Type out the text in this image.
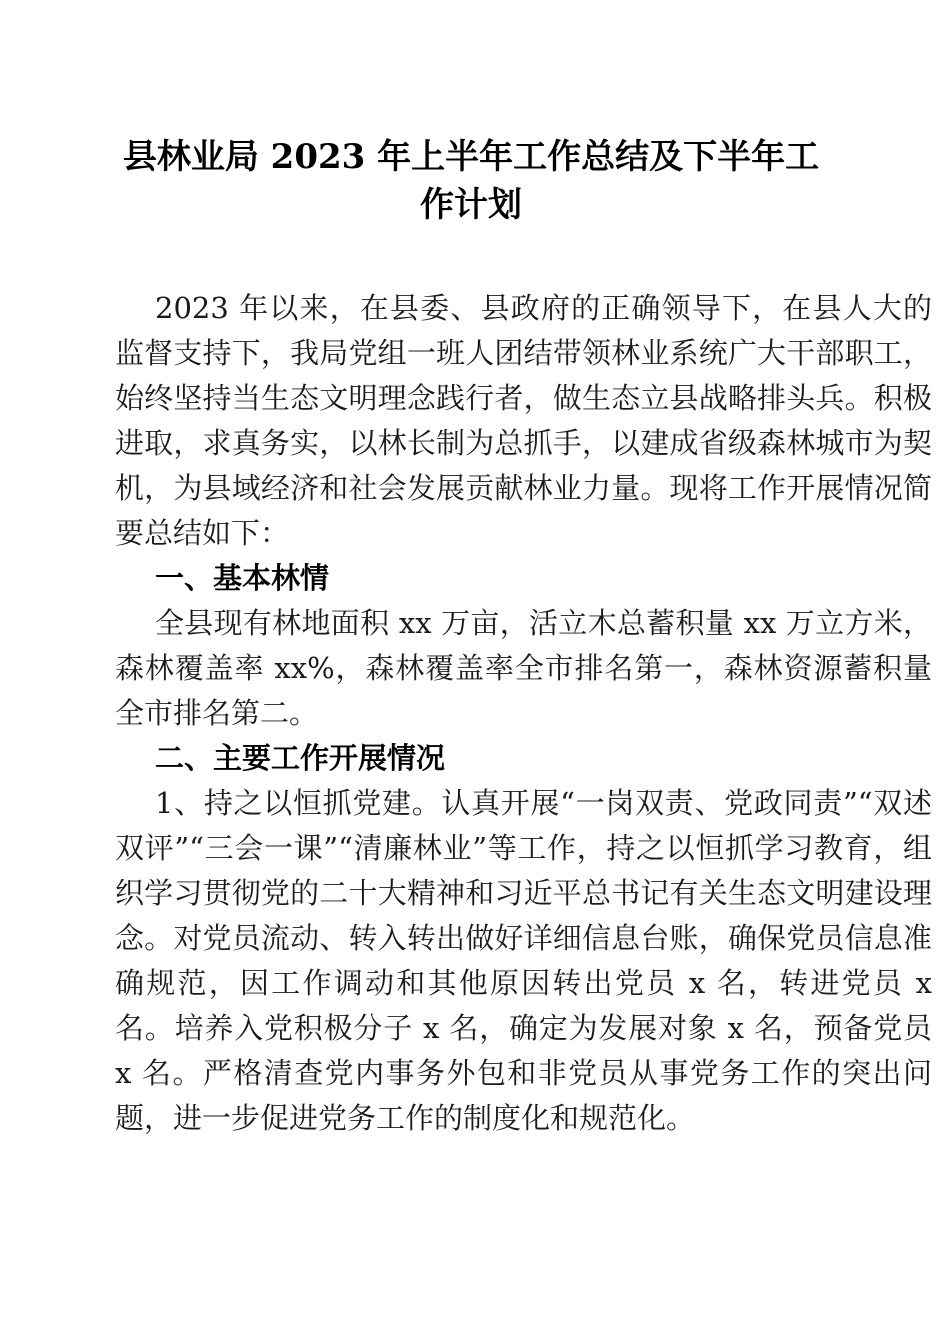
县林业局 2023 年上半年工作总结及下半年工作计划

2023 年以来，在县委、县政府的正确领导下，在县人大的监督支持下，我局党组一班人团结带领林业系统广大干部职工，始终坚持当生态文明理念践行者，做生态立县战略排头兵。积极进取，求真务实，以林长制为总抓手，以建成省级森林城市为契机，为县域经济和社会发展贡献林业力量。现将工作开展情况简要总结如下：

一、基本林情

全县现有林地面积 xx 万亩，活立木总蓄积量 xx 万立方米，森林覆盖率 xx%，森林覆盖率全市排名第一，森林资源蓄积量全市排名第二。

二、主要工作开展情况

1、持之以恒抓党建。认真开展“一岗双责、党政同责”“双述双评”“三会一课”“清廉林业”等工作，持之以恒抓学习教育，组织学习贯彻党的二十大精神和习近平总书记有关生态文明建设理念。对党员流动、转入转出做好详细信息台账，确保党员信息准确规范，因工作调动和其他原因转出党员 x 名，转进党员 x 名。培养入党积极分子 x 名，确定为发展对象 x 名，预备党员 x 名。严格清查党内事务外包和非党员从事党务工作的突出问题，进一步促进党务工作的制度化和规范化。
